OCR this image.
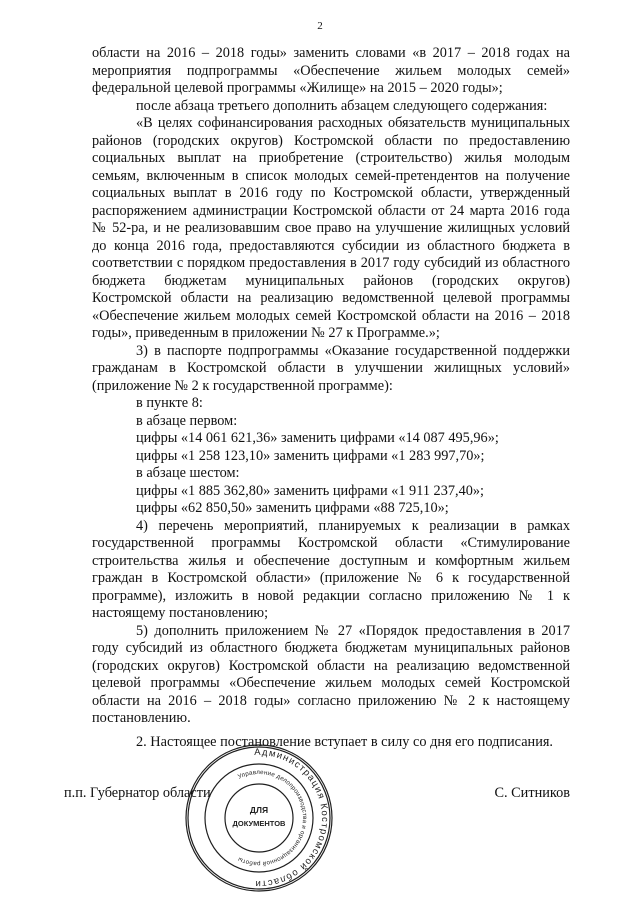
2

области на 2016 – 2018 годы» заменить словами «в 2017 – 2018 годах на мероприятия подпрограммы «Обеспечение жильем молодых семей» федеральной целевой программы «Жилище» на 2015 – 2020 годы»;

после абзаца третьего дополнить абзацем следующего содержания:

«В целях софинансирования расходных обязательств муниципальных районов (городских округов) Костромской области по предоставлению социальных выплат на приобретение (строительство) жилья молодым семьям, включенным в список молодых семей-претендентов на получение социальных выплат в 2016 году по Костромской области, утвержденный распоряжением администрации Костромской области от 24 марта 2016 года № 52-ра, и не реализовавшим свое право на улучшение жилищных условий до конца 2016 года, предоставляются субсидии из областного бюджета в соответствии с порядком предоставления в 2017 году субсидий из областного бюджета бюджетам муниципальных районов (городских округов) Костромской области на реализацию ведомственной целевой программы «Обеспечение жильем молодых семей Костромской области на 2016 – 2018 годы», приведенным в приложении № 27 к Программе.»;

3) в паспорте подпрограммы «Оказание государственной поддержки гражданам в Костромской области в улучшении жилищных условий» (приложение № 2 к государственной программе):

в пункте 8:

в абзаце первом:

цифры «14 061 621,36» заменить цифрами «14 087 495,96»;

цифры «1 258 123,10» заменить цифрами «1 283 997,70»;

в абзаце шестом:

цифры «1 885 362,80» заменить цифрами «1 911 237,40»;

цифры «62 850,50» заменить цифрами «88 725,10»;

4) перечень мероприятий, планируемых к реализации в рамках государственной программы Костромской области «Стимулирование строительства жилья и обеспечение доступным и комфортным жильем граждан в Костромской области» (приложение № 6 к государственной программе), изложить в новой редакции согласно приложению № 1 к настоящему постановлению;

5) дополнить приложением № 27 «Порядок предоставления в 2017 году субсидий из областного бюджета бюджетам муниципальных районов (городских округов) Костромской области на реализацию ведомственной целевой программы «Обеспечение жильем молодых семей Костромской области на 2016 – 2018 годы» согласно приложению № 2 к настоящему постановлению.

2. Настоящее постановление вступает в силу со дня его подписания.

п.п. Губернатор области	С. Ситников
Администрация Костромской области
Управление делопроизводства и организационной работы
ДЛЯ
ДОКУМЕНТОВ
